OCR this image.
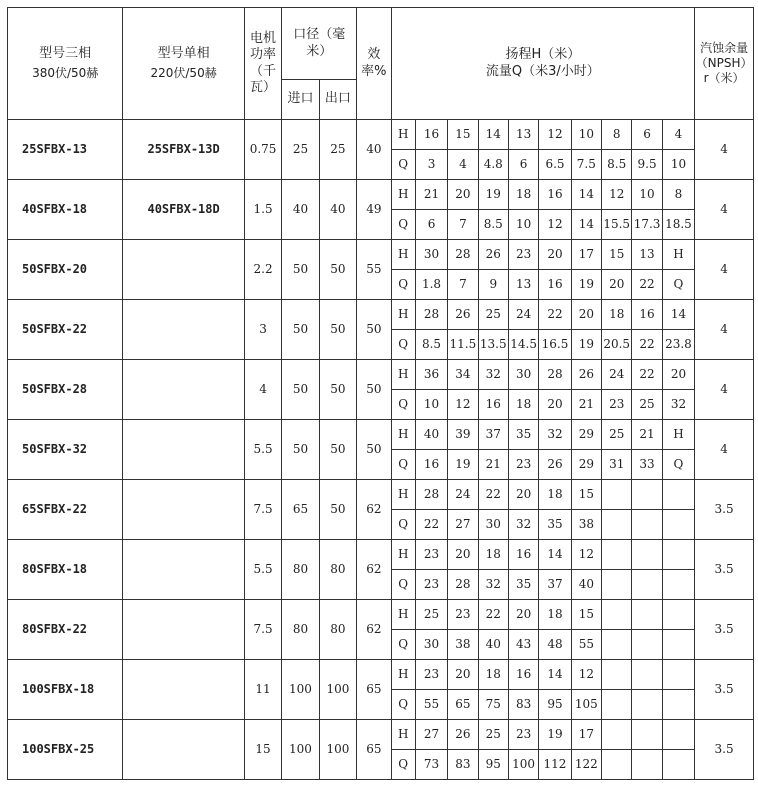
型号三相
380伏/50赫	型号单相
220伏/50赫	电机
功率
（千
瓦）	口径（毫
米）		效
率%	扬程H（米）
流量Q（米3/小时）										汽蚀余量
（NPSH）
r（米）

			进口	出口												
25SFBX-13	25SFBX-13D	0.75	25	25	40	H	16	15	14	13	12	10	8	6	4	4
						Q	3	4	4.8	6	6.5	7.5	8.5	9.5	10	
40SFBX-18	40SFBX-18D	1.5	40	40	49	H	21	20	19	18	16	14	12	10	8	4
						Q	6	7	8.5	10	12	14	15.5	17.3	18.5	
50SFBX-20		2.2	50	50	55	H	30	28	26	23	20	17	15	13	H	4
						Q	1.8	7	9	13	16	19	20	22	Q	
50SFBX-22		3	50	50	50	H	28	26	25	24	22	20	18	16	14	4
						Q	8.5	11.5	13.5	14.5	16.5	19	20.5	22	23.8	
50SFBX-28		4	50	50	50	H	36	34	32	30	28	26	24	22	20	4
						Q	10	12	16	18	20	21	23	25	32	
50SFBX-32		5.5	50	50	50	H	40	39	37	35	32	29	25	21	H	4
						Q	16	19	21	23	26	29	31	33	Q	
65SFBX-22		7.5	65	50	62	H	28	24	22	20	18	15				3.5
						Q	22	27	30	32	35	38				
80SFBX-18		5.5	80	80	62	H	23	20	18	16	14	12				3.5
						Q	23	28	32	35	37	40				
80SFBX-22		7.5	80	80	62	H	25	23	22	20	18	15				3.5
						Q	30	38	40	43	48	55				
100SFBX-18		11	100	100	65	H	23	20	18	16	14	12				3.5
						Q	55	65	75	83	95	105				
100SFBX-25		15	100	100	65	H	27	26	25	23	19	17				3.5
						Q	73	83	95	100	112	122				
